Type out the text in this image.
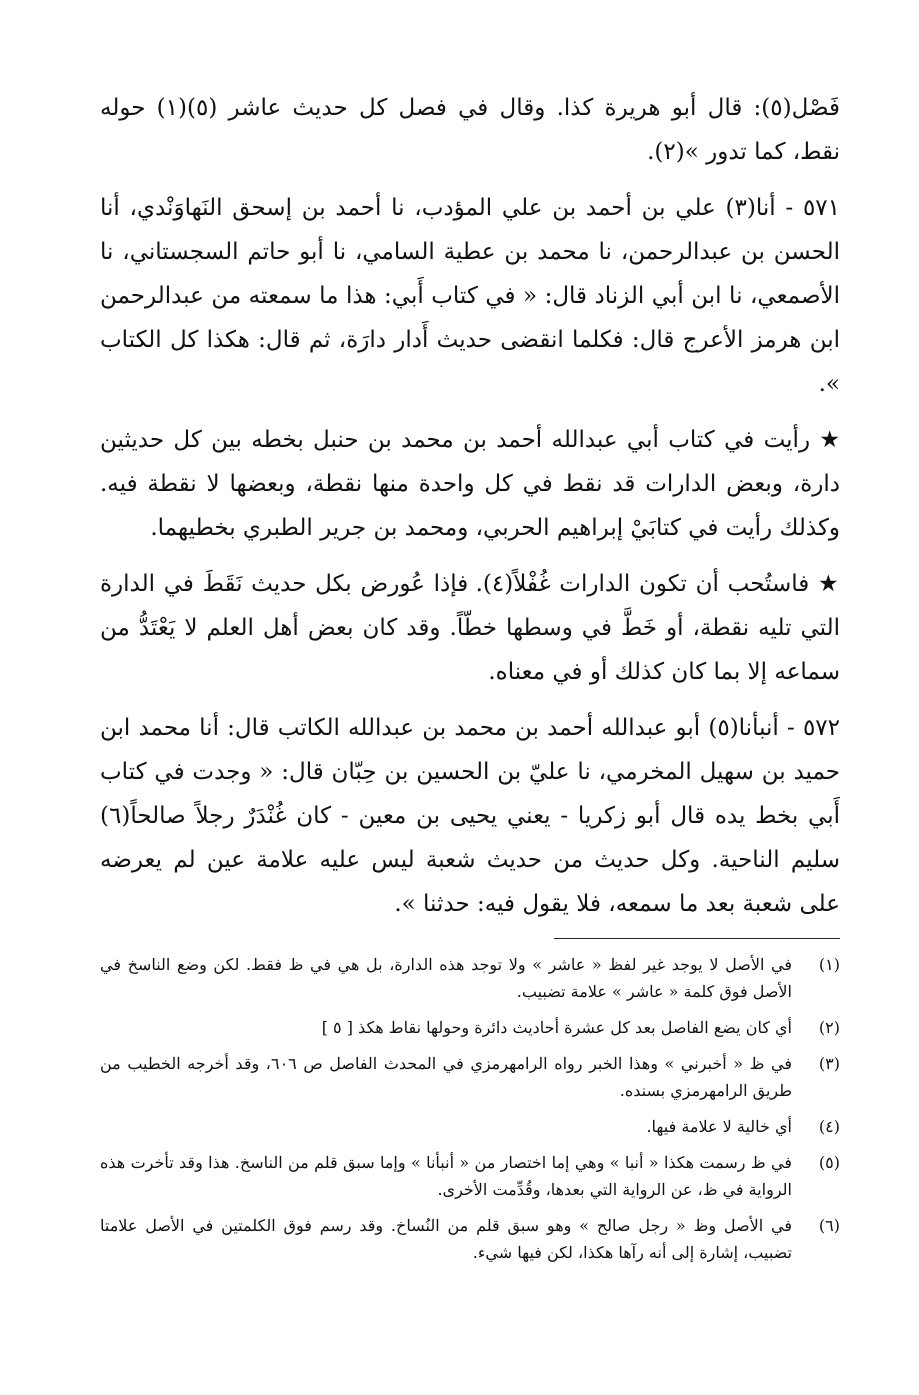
فَصْل(٥): قال أبو هريرة كذا. وقال في فصل كل حديث عاشر (٥)(١) حوله نقط، كما تدور »(٢).

٥٧١ - أنا(٣) علي بن أحمد بن علي المؤدب، نا أحمد بن إسحق النَهاوَنْدي، أنا الحسن بن عبدالرحمن، نا محمد بن عطية السامي، نا أبو حاتم السجستاني، نا الأصمعي، نا ابن أبي الزناد قال: « في كتاب أَبي: هذا ما سمعته من عبدالرحمن ابن هرمز الأعرج قال: فكلما انقضى حديث أَدار دارَة، ثم قال: هكذا كل الكتاب ».

★ رأيت في كتاب أبي عبدالله أحمد بن محمد بن حنبل بخطه بين كل حديثين دارة، وبعض الدارات قد نقط في كل واحدة منها نقطة، وبعضها لا نقطة فيه. وكذلك رأيت في كتابَيْ إبراهيم الحربي، ومحمد بن جرير الطبري بخطيهما.

★ فاستُحب أن تكون الدارات غُفْلاً(٤). فإذا عُورض بكل حديث نَقَطَ في الدارة التي تليه نقطة، أو خَطَّ في وسطها خطّاً. وقد كان بعض أهل العلم لا يَعْتَدُّ من سماعه إلا بما كان كذلك أو في معناه.

٥٧٢ - أنبأنا(٥) أبو عبدالله أحمد بن محمد بن عبدالله الكاتب قال: أنا محمد ابن حميد بن سهيل المخرمي، نا عليّ بن الحسين بن حِبّان قال: « وجدت في كتاب أَبي بخط يده قال أبو زكريا - يعني يحيى بن معين - كان غُنْدَرٌ رجلاً صالحاً(٦) سليم الناحية. وكل حديث من حديث شعبة ليس عليه علامة عين لم يعرضه على شعبة بعد ما سمعه، فلا يقول فيه: حدثنا ».

(١)
في الأصل لا يوجد غير لفظ « عاشر » ولا توجد هذه الدارة، بل هي في ظ فقط. لكن وضع الناسخ في الأصل فوق كلمة « عاشر » علامة تضبيب.
(٢)
أي كان يضع الفاصل بعد كل عشرة أحاديث دائرة وحولها نقاط هكذ [ ٥ ]
(٣)
في ظ « أخبرني » وهذا الخبر رواه الرامهرمزي في المحدث الفاصل ص ٦٠٦، وقد أخرجه الخطيب من طريق الرامهرمزي بسنده.
(٤)
أي خالية لا علامة فيها.
(٥)
في ظ رسمت هكذا « أنبا » وهي إما اختصار من « أنبأنا » وإما سبق قلم من الناسخ. هذا وقد تأخرت هذه الرواية في ظ، عن الرواية التي بعدها، وقُدِّمت الأخرى.
(٦)
في الأصل وظ « رجل صالح » وهو سبق قلم من النُساخ. وقد رسم فوق الكلمتين في الأصل علامتا تضبيب، إشارة إلى أنه رآها هكذا، لكن فيها شيء.
